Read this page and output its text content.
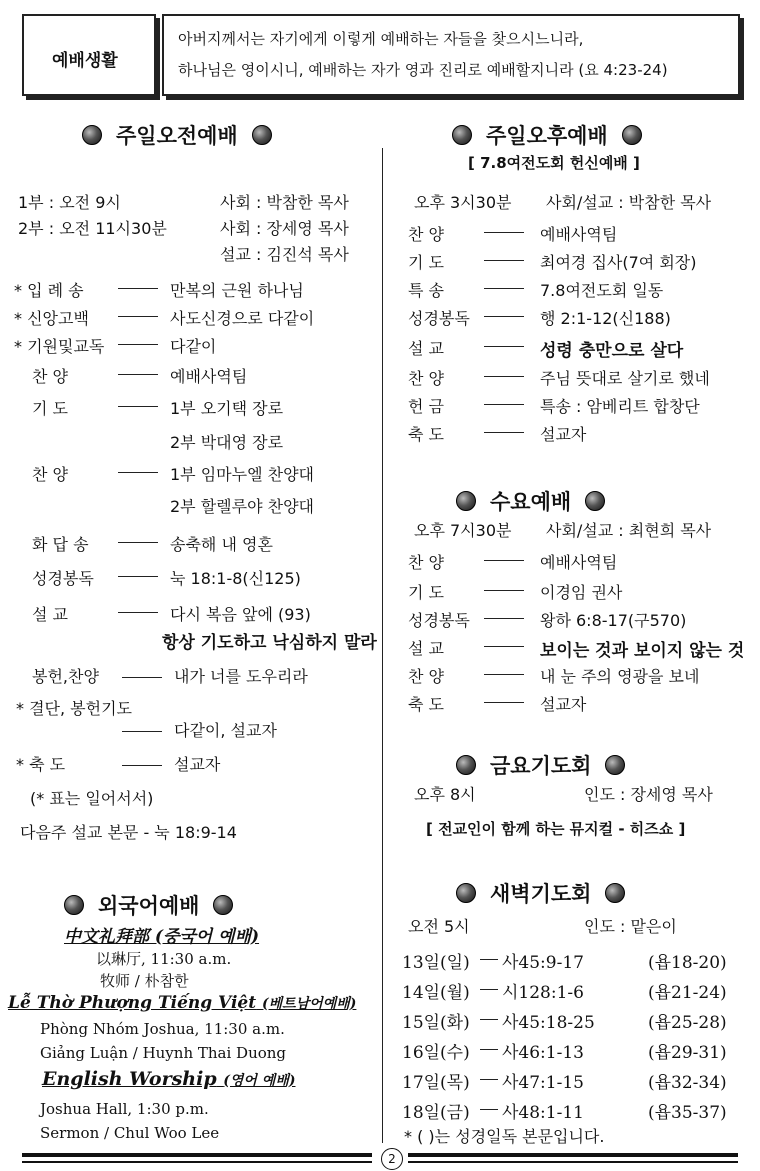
예배생활
아버지께서는 자기에게 이렇게 예배하는 자들을 찾으시느니라,
하나님은 영이시니, 예배하는 자가 영과 진리로 예배할지니라 (요 4:23-24)
주일오전예배
1부 : 오전 9시	사회 : 박참한 목사
2부 : 오전 11시30분	사회 : 장세영 목사
설교 : 김진석 목사
* 입 례 송	만복의 근원 하나님
* 신앙고백	사도신경으로 다같이
* 기원및교독	다같이
찬 양	예배사역팀
기 도	1부 오기택 장로
2부 박대영 장로
찬 양	1부 임마누엘 찬양대
2부 할렐루야 찬양대
화 답 송	송축해 내 영혼
성경봉독	눅 18:1-8(신125)
설 교	다시 복음 앞에 (93)
항상 기도하고 낙심하지 말라
봉헌,찬양	내가 너를 도우리라
* 결단, 봉헌기도
다같이, 설교자
* 축 도	설교자
(* 표는 일어서서)
다음주 설교 본문 - 눅 18:9-14
외국어예배
中文礼拜部 (중국어 예배)
以琳厅, 11:30 a.m.
牧师 / 朴참한
Lễ Thờ Phượng Tiếng Việt (베트남어예배)
Phòng Nhóm Joshua, 11:30 a.m.
Giảng Luận / Huynh Thai Duong
English Worship (영어 예배)
Joshua Hall, 1:30 p.m.
Sermon / Chul Woo Lee
주일오후예배
[ 7.8여전도회 헌신예배 ]
오후 3시30분 사회/설교 : 박참한 목사
찬 양	예배사역팀
기 도	최여경 집사(7여 회장)
특 송	7.8여전도회 일동
성경봉독	행 2:1-12(신188)
설 교	성령 충만으로 살다
찬 양	주님 뜻대로 살기로 했네
헌 금	특송 : 암베리트 합창단
축 도	설교자
수요예배
오후 7시30분 사회/설교 : 최현희 목사
찬 양	예배사역팀
기 도	이경임 권사
성경봉독	왕하 6:8-17(구570)
설 교	보이는 것과 보이지 않는 것
찬 양	내 눈 주의 영광을 보네
축 도	설교자
금요기도회
오후 8시	인도 : 장세영 목사
[ 전교인이 함께 하는 뮤지컬 - 히즈쇼 ]
새벽기도회
오전 5시	인도 : 맡은이
13일(일) 사45:9-17	(욥18-20)
14일(월) 시128:1-6	(욥21-24)
15일(화) 사45:18-25	(욥25-28)
16일(수) 사46:1-13	(욥29-31)
17일(목) 사47:1-15	(욥32-34)
18일(금) 사48:1-11	(욥35-37)
* ( )는 성경일독 본문입니다.
2
